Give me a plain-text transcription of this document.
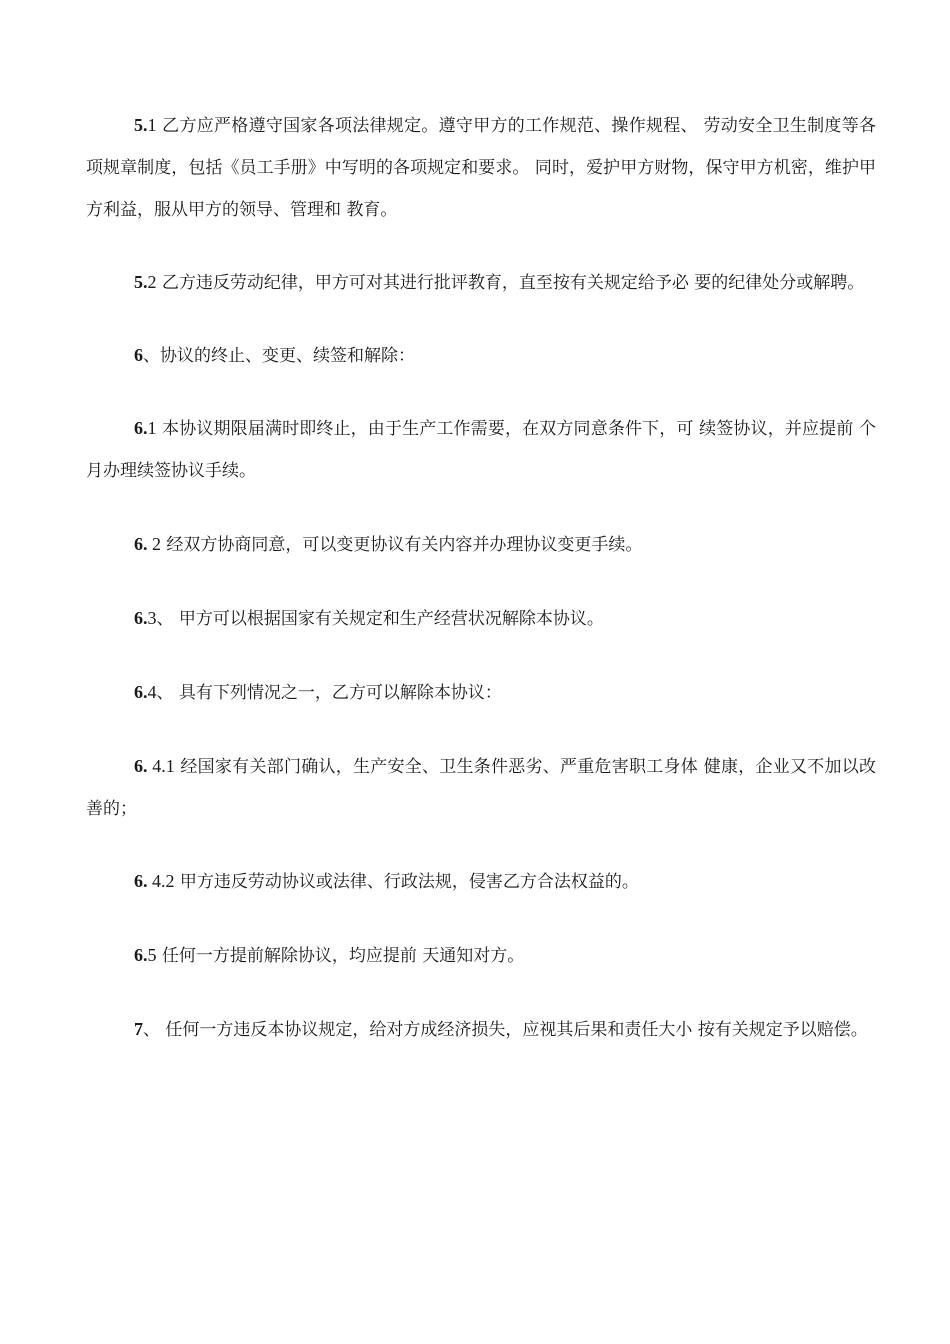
5.1 乙方应严格遵守国家各项法律规定。遵守甲方的工作规范、操作规程、 劳动安全卫生制度等各项规章制度，包括《员工手册》中写明的各项规定和要求。 同时，爱护甲方财物，保守甲方机密，维护甲方利益，服从甲方的领导、管理和 教育。

5.2 乙方违反劳动纪律，甲方可对其进行批评教育，直至按有关规定给予必 要的纪律处分或解聘。

6、协议的终止、变更、续签和解除：

6.1 本协议期限届满时即终止，由于生产工作需要，在双方同意条件下，可 续签协议，并应提前 个月办理续签协议手续。

6. 2 经双方协商同意，可以变更协议有关内容并办理协议变更手续。

6.3、 甲方可以根据国家有关规定和生产经营状况解除本协议。

6.4、 具有下列情况之一，乙方可以解除本协议：

6. 4.1 经国家有关部门确认，生产安全、卫生条件恶劣、严重危害职工身体 健康，企业又不加以改善的；

6. 4.2 甲方违反劳动协议或法律、行政法规，侵害乙方合法权益的。

6.5 任何一方提前解除协议，均应提前 天通知对方。

7、 任何一方违反本协议规定，给对方成经济损失，应视其后果和责任大小 按有关规定予以赔偿。
